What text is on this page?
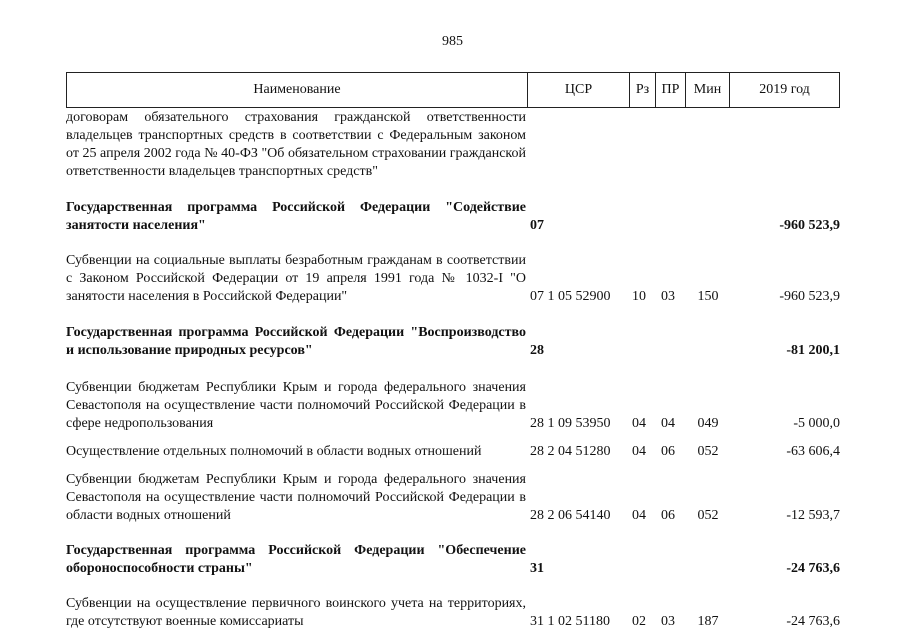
985
Наименование	ЦСР	Рз ПР	Мин	2019 год
договорам обязательного страхования гражданской ответственности владельцев транспортных средств в соответствии с Федеральным законом от 25 апреля 2002 года № 40-ФЗ "Об обязательном страховании гражданской ответственности владельцев транспортных средств"
Государственная программа Российской Федерации "Содействие занятости населения"	07	-960 523,9
Субвенции на социальные выплаты безработным гражданам в соответствии с Законом Российской Федерации от 19 апреля 1991 года № 1032-I "О занятости населения в Российской Федерации"	07 1 05 52900	10 03	150	-960 523,9
Государственная программа Российской Федерации "Воспроизводство и использование природных ресурсов"	28	-81 200,1
Субвенции бюджетам Республики Крым и города федерального значения Севастополя на осуществление части полномочий Российской Федерации в сфере недропользования	28 1 09 53950	04 04	049	-5 000,0
Осуществление отдельных полномочий в области водных отношений	28 2 04 51280	04 06	052	-63 606,4
Субвенции бюджетам Республики Крым и города федерального значения Севастополя на осуществление части полномочий Российской Федерации в области водных отношений	28 2 06 54140	04 06	052	-12 593,7
Государственная программа Российской Федерации "Обеспечение обороноспособности страны"	31	-24 763,6
Субвенции на осуществление первичного воинского учета на территориях, где отсутствуют военные комиссариаты	31 1 02 51180	02 03	187	-24 763,6
